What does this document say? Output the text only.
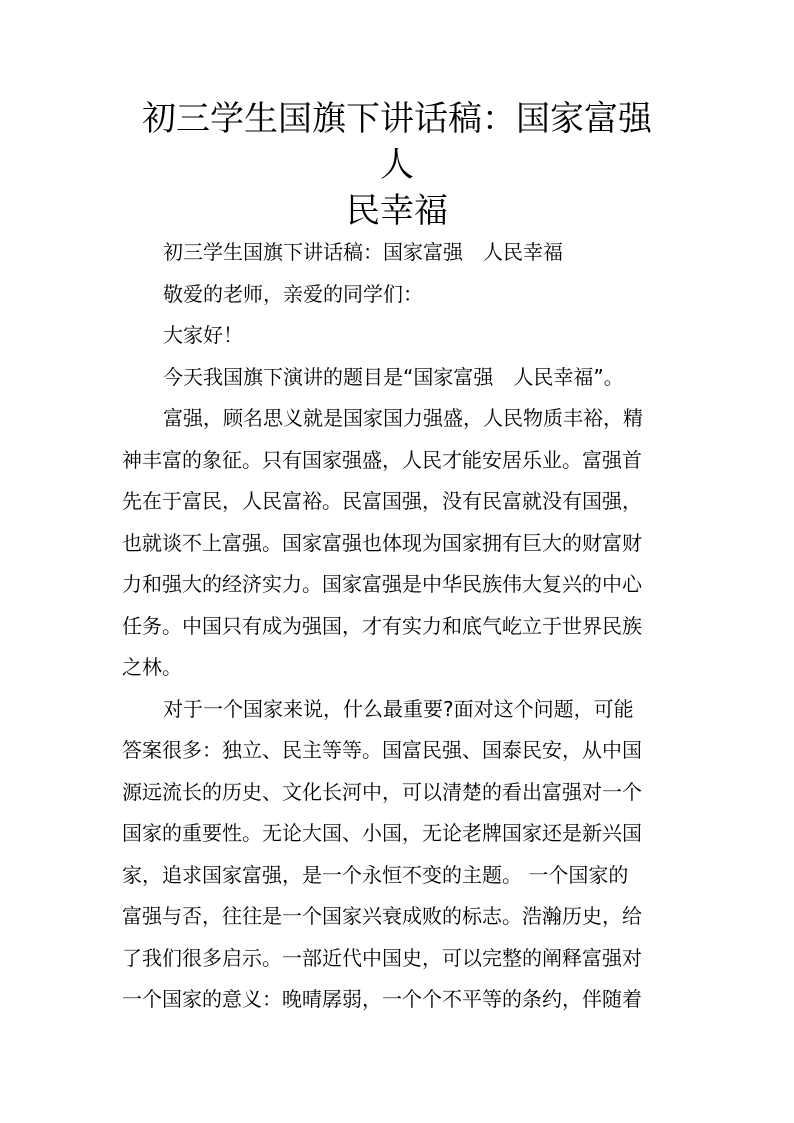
初三学生国旗下讲话稿：国家富强 人
民幸福
初三学生国旗下讲话稿：国家富强　人民幸福
敬爱的老师，亲爱的同学们：
大家好！
今天我国旗下演讲的题目是“国家富强　人民幸福”。
富强，顾名思义就是国家国力强盛，人民物质丰裕，精
神丰富的象征。只有国家强盛，人民才能安居乐业。富强首
先在于富民，人民富裕。民富国强，没有民富就没有国强，
也就谈不上富强。国家富强也体现为国家拥有巨大的财富财
力和强大的经济实力。国家富强是中华民族伟大复兴的中心
任务。中国只有成为强国，才有实力和底气屹立于世界民族
之林。
对于一个国家来说，什么最重要?面对这个问题，可能
答案很多：独立、民主等等。国富民强、国泰民安，从中国
源远流长的历史、文化长河中，可以清楚的看出富强对一个
国家的重要性。无论大国、小国，无论老牌国家还是新兴国
家，追求国家富强，是一个永恒不变的主题。 一个国家的
富强与否，往往是一个国家兴衰成败的标志。浩瀚历史，给
了我们很多启示。一部近代中国史，可以完整的阐释富强对
一个国家的意义：晚晴孱弱，一个个不平等的条约，伴随着
